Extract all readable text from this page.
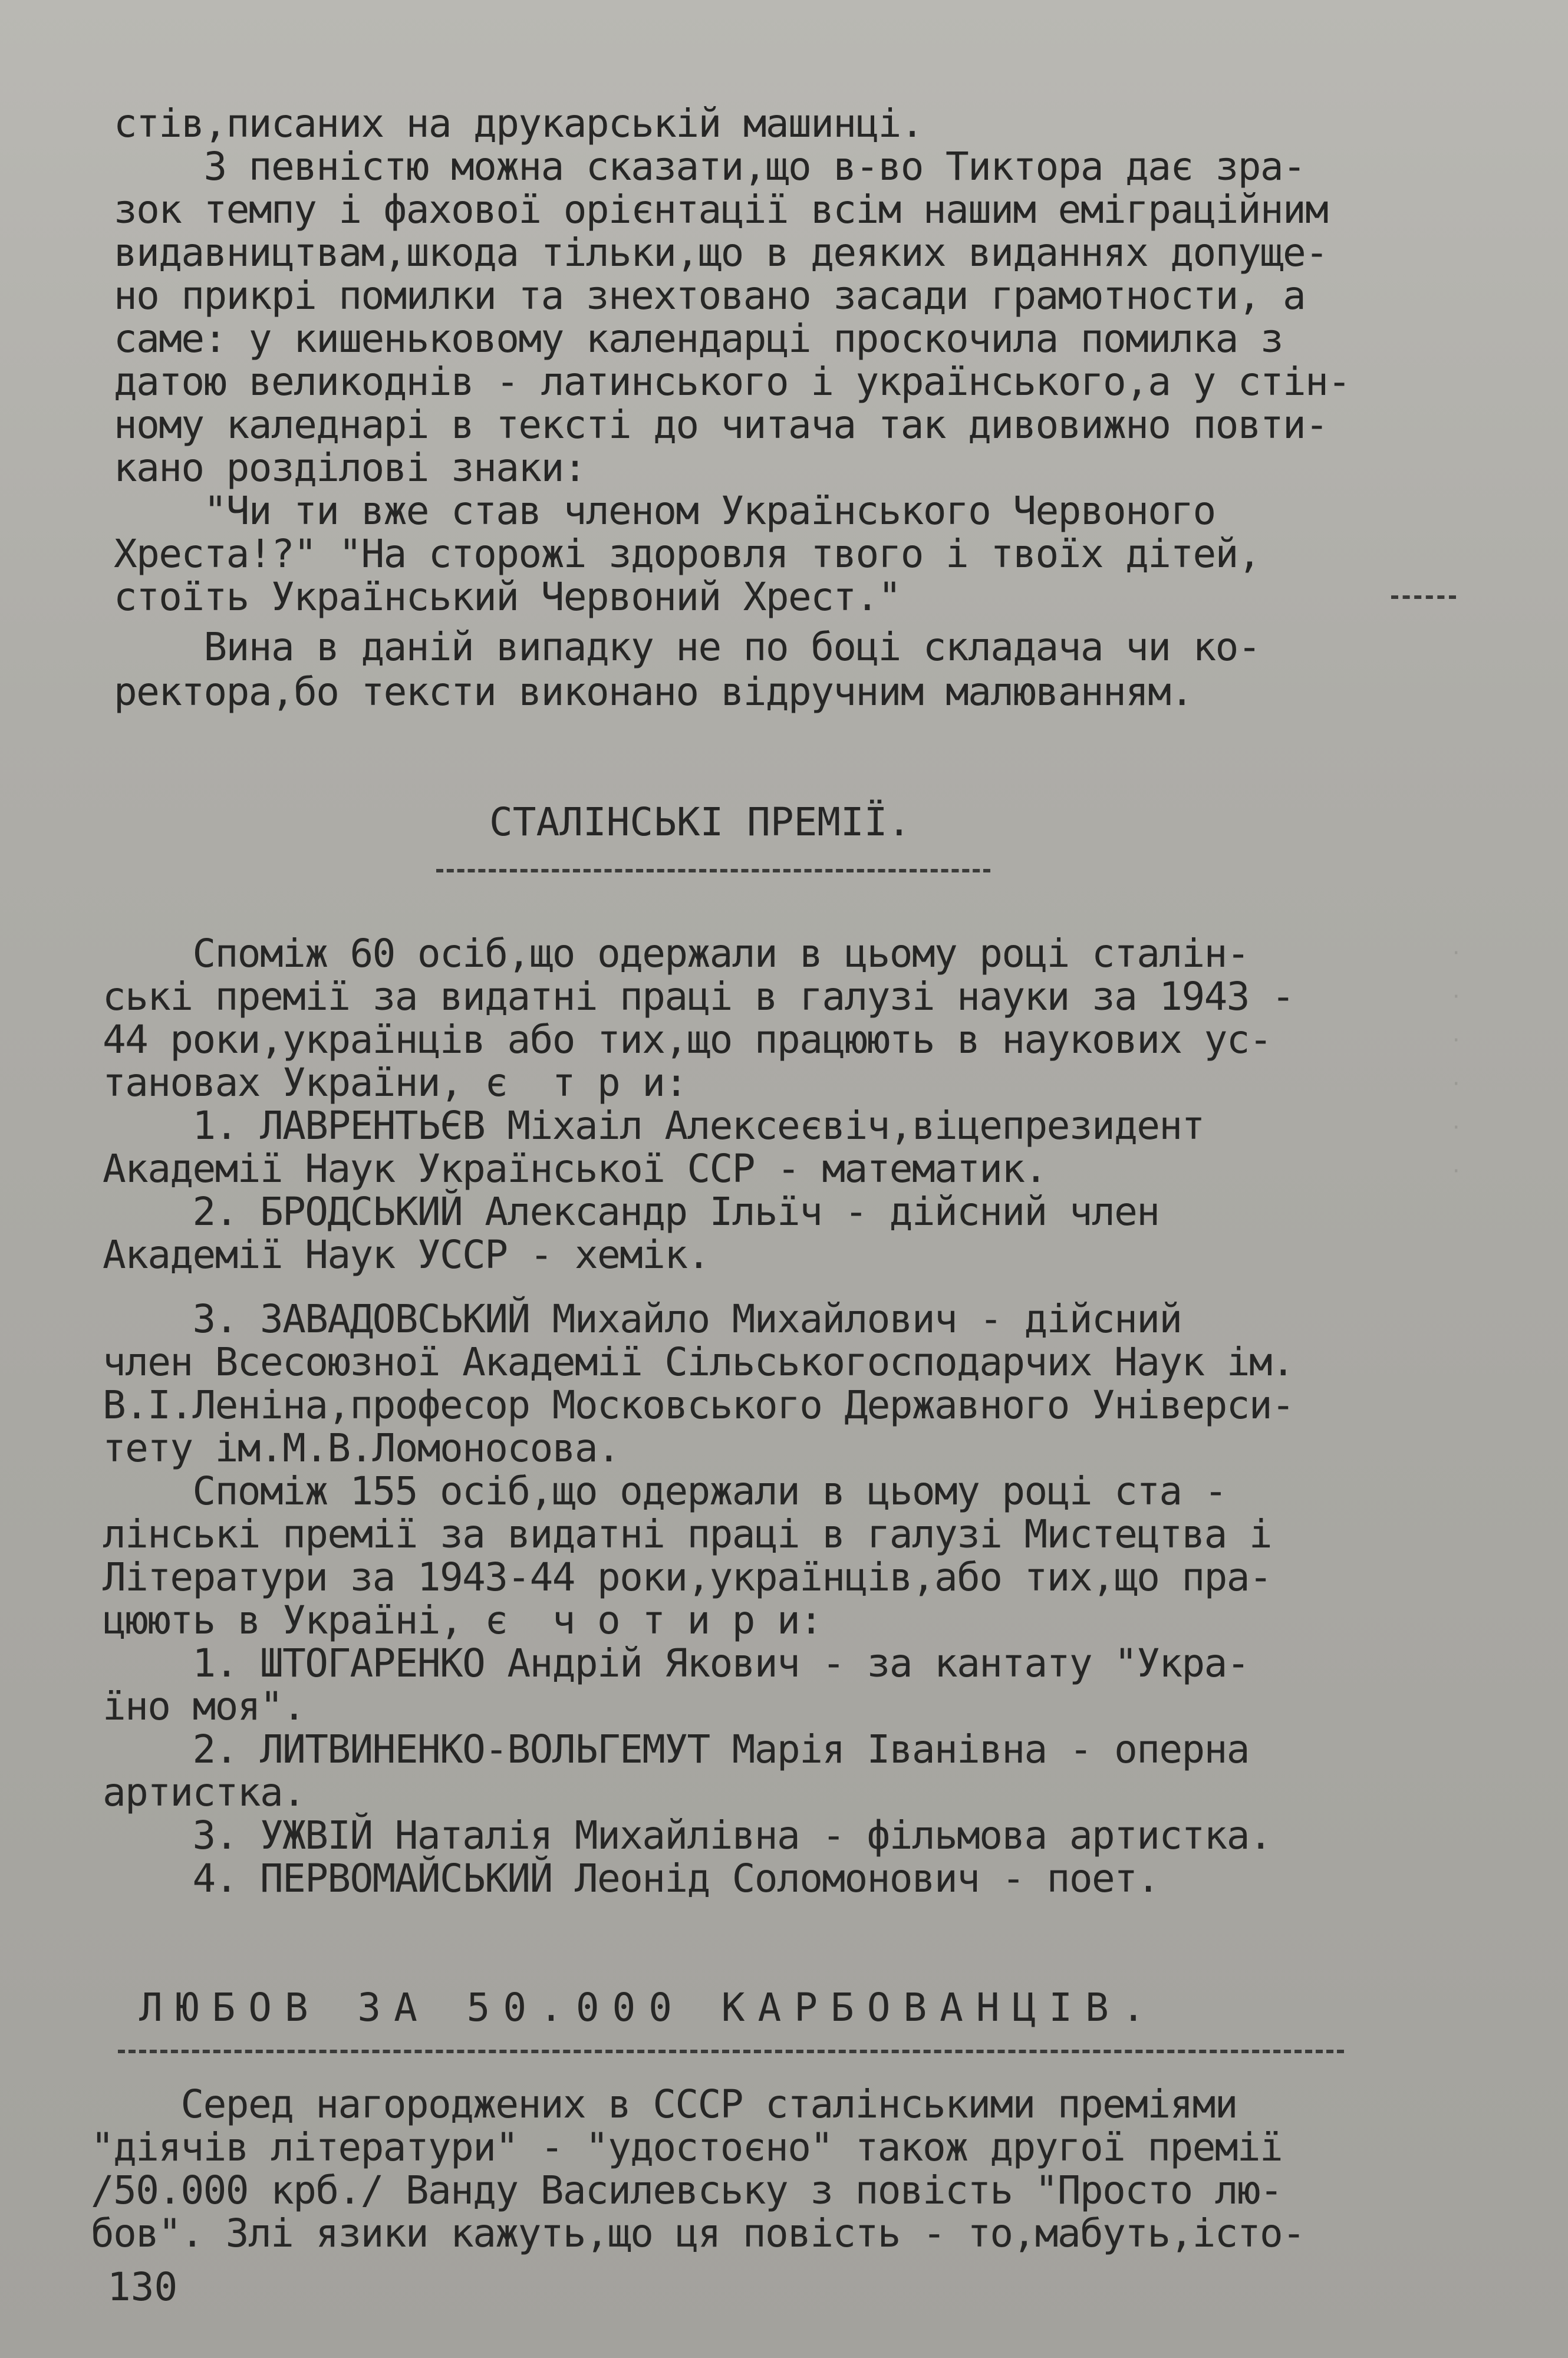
·
·
·
·
·
·

стів,писаних на друкарській машинці.

З певністю можна сказати,що в-во Тиктора дає зра-

зок темпу і фахової орієнтації всім нашим еміграційним

видавництвам,шкода тільки,що в деяких виданнях допуще-

но прикрі помилки та знехтовано засади грамотности, а

саме: у кишеньковому календарці проскочила помилка з

датою великоднів - латинського і українського,а у стін-

ному каледнарі в тексті до читача так дивовижно повти-

кано розділові знаки:

"Чи ти вже став членом Українського Червоного

Хреста!?" "На сторожі здоровля твого і твоїх дітей,

стоїть Український Червоний Хрест."

Вина в даній випадку не по боці складача чи ко-

ректора,бо тексти виконано відручним малюванням.

СТАЛІНСЬКІ ПРЕМІЇ.

Споміж 60 осіб,що одержали в цьому році сталін-

ські премії за видатні праці в галузі науки за 1943 -

44 роки,українців або тих,що працюють в наукових ус-

тановах України, є  т р и:

1. ЛАВРЕНТЬЄВ Міхаіл Алексеєвіч,віцепрезидент

Академії Наук Української ССР - математик.

2. БРОДСЬКИЙ Александр Ільїч - дійсний член

Академії Наук УССР - хемік.

3. ЗАВАДОВСЬКИЙ Михайло Михайлович - дійсний

член Всесоюзної Академії Сільськогосподарчих Наук ім.

В.І.Леніна,професор Московського Державного Універси-

тету ім.М.В.Ломоносова.

Споміж 155 осіб,що одержали в цьому році ста -

лінські премії за видатні праці в галузі Мистецтва і

Літератури за 1943-44 роки,українців,або тих,що пра-

цюють в Україні, є  ч о т и р и:

1. ШТОГАРЕНКО Андрій Якович - за кантату "Укра-

їно моя".

2. ЛИТВИНЕНКО-ВОЛЬГЕМУТ Марія Іванівна - оперна

артистка.

3. УЖВІЙ Наталія Михайлівна - фільмова артистка.

4. ПЕРВОМАЙСЬКИЙ Леонід Соломонович - поет.

ЛЮБОВ ЗА 50.000 КАРБОВАНЦІВ.

Серед нагороджених в СССР сталінськими преміями

"діячів літератури" - "удостоєно" також другої премії

/50.000 крб./ Ванду Василевську з повість "Просто лю-

бов". Злі язики кажуть,що ця повість - то,мабуть,істо-

130
